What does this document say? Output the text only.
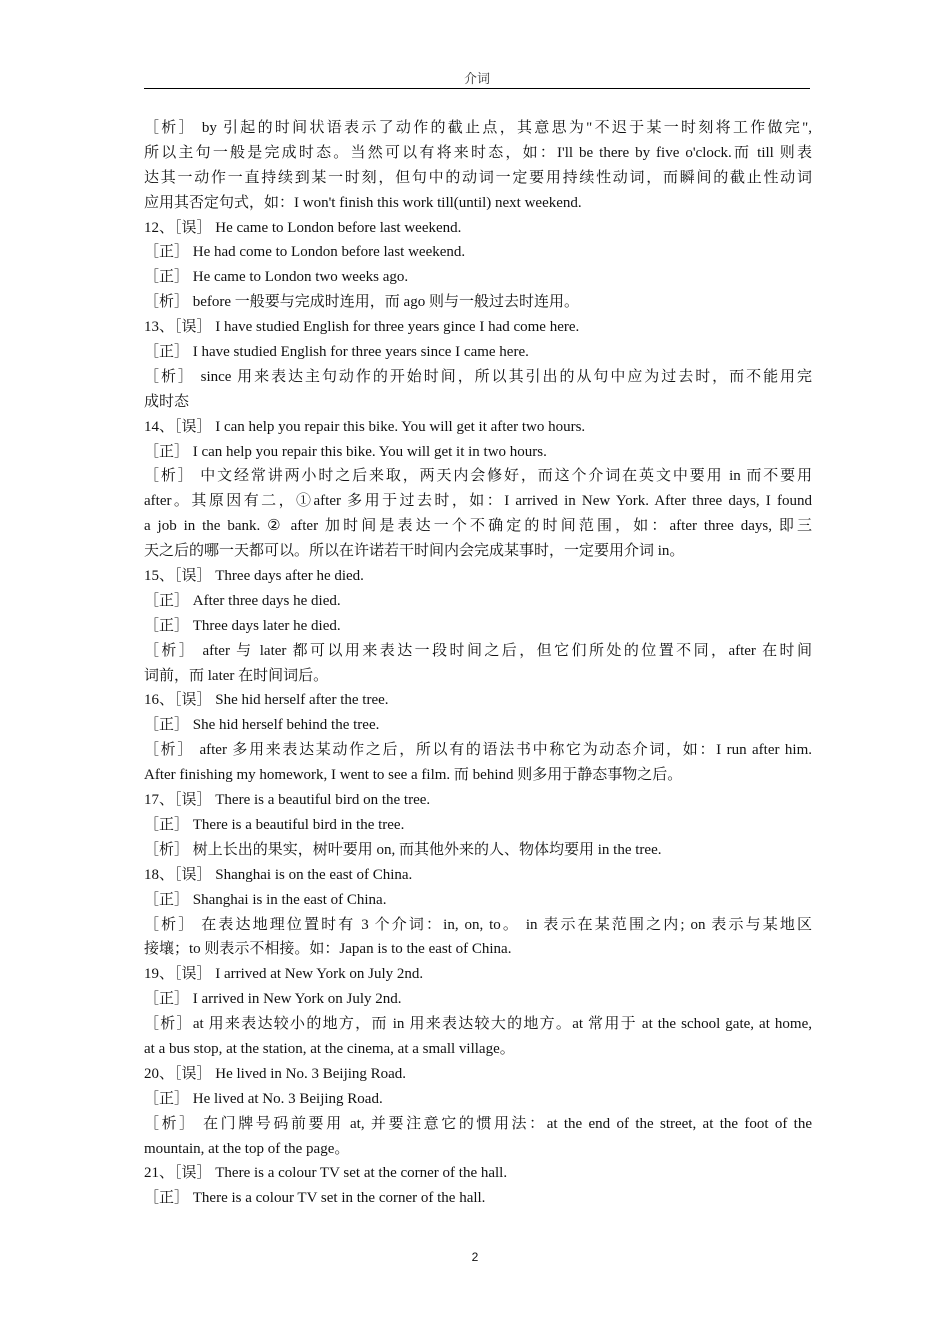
介词
［析］ by 引起的时间状语表示了动作的截止点，其意思为"不迟于某一时刻将工作做完",
所以主句一般是完成时态。当然可以有将来时态，如：I'll be there by five o'clock.而 till 则表
达其一动作一直持续到某一时刻，但句中的动词一定要用持续性动词，而瞬间的截止性动词
应用其否定句式，如：I won't finish this work till(until) next weekend.
12、［误］ He came to London before last weekend.
［正］ He had come to London before last weekend.
［正］ He came to London two weeks ago.
［析］ before 一般要与完成时连用，而 ago 则与一般过去时连用。
13、［误］ I have studied English for three years gince I had come here.
［正］ I have studied English for three years since I came here.
［析］ since 用来表达主句动作的开始时间，所以其引出的从句中应为过去时，而不能用完
成时态
14、［误］ I can help you repair this bike. You will get it after two hours.
［正］ I can help you repair this bike. You will get it in two hours.
［析］ 中文经常讲两小时之后来取，两天内会修好，而这个介词在英文中要用 in 而不要用
after。其原因有二，①after 多用于过去时，如：I arrived in New York. After three days, I found
a job in the bank. ② after 加时间是表达一个不确定的时间范围，如：after three days, 即三
天之后的哪一天都可以。所以在许诺若干时间内会完成某事时，一定要用介词 in。
15、［误］ Three days after he died.
［正］ After three days he died.
［正］ Three days later he died.
［析］ after 与 later 都可以用来表达一段时间之后，但它们所处的位置不同，after 在时间
词前，而 later 在时间词后。
16、［误］ She hid herself after the tree.
［正］ She hid herself behind the tree.
［析］ after 多用来表达某动作之后，所以有的语法书中称它为动态介词，如：I run after him.
After finishing my homework, I went to see a film. 而 behind 则多用于静态事物之后。
17、［误］ There is a beautiful bird on the tree.
［正］ There is a beautiful bird in the tree.
［析］ 树上长出的果实，树叶要用 on, 而其他外来的人、物体均要用 in the tree.
18、［误］ Shanghai is on the east of China.
［正］ Shanghai is in the east of China.
［析］ 在表达地理位置时有 3 个介词：in, on, to。 in 表示在某范围之内; on 表示与某地区
接壤；to 则表示不相接。如：Japan is to the east of China.
19、［误］ I arrived at New York on July 2nd.
［正］ I arrived in New York on July 2nd.
［析］at 用来表达较小的地方，而 in 用来表达较大的地方。at 常用于 at the school gate, at home,
at a bus stop, at the station, at the cinema, at a small village。
20、［误］ He lived in No. 3 Beijing Road.
［正］ He lived at No. 3 Beijing Road.
［析］ 在门牌号码前要用 at, 并要注意它的惯用法：at the end of the street, at the foot of the
mountain, at the top of the page。
21、［误］ There is a colour TV set at the corner of the hall.
［正］ There is a colour TV set in the corner of the hall.
2
